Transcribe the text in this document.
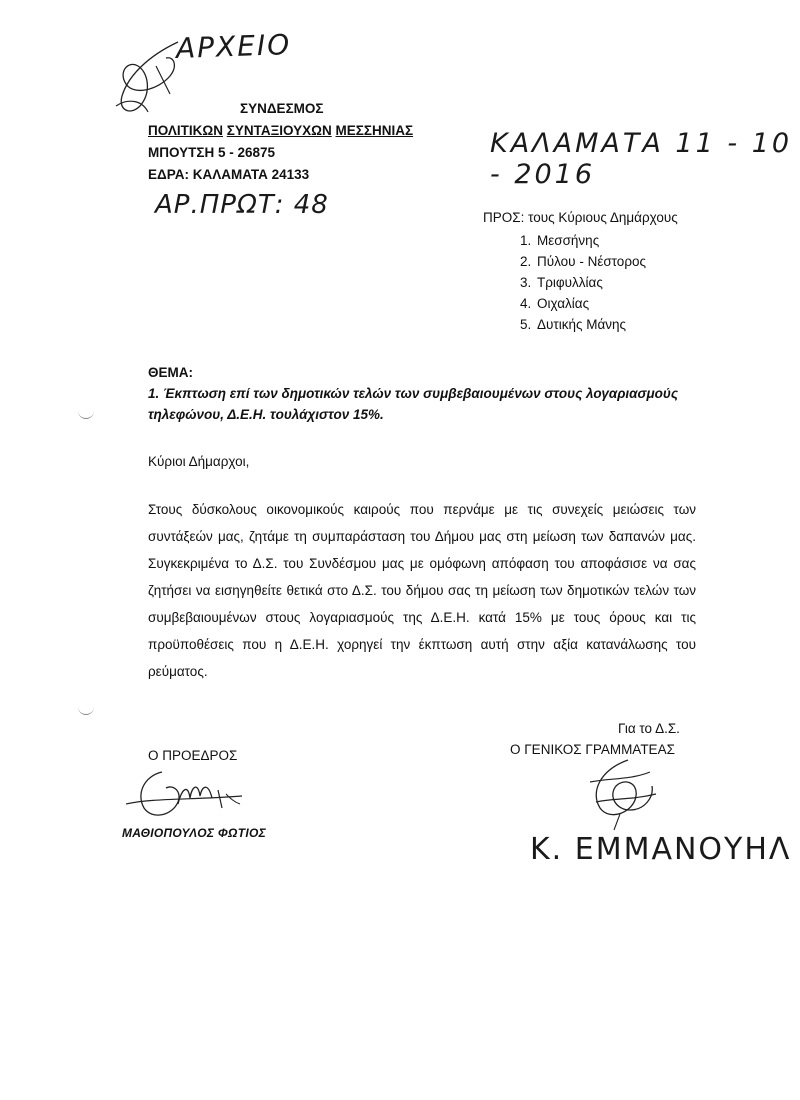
ΑΡΧΕΙΟ
ΣΥΝΔΕΣΜΟΣ
ΠΟΛΙΤΙΚΩΝ ΣΥΝΤΑΞΙΟΥΧΩΝ ΜΕΣΣΗΝΙΑΣ
ΜΠΟΥΤΣΗ 5 - 26875
ΕΔΡΑ: ΚΑΛΑΜΑΤΑ 24133
ΚΑΛΑΜΑΤΑ 11 - 10 - 2016
ΑΡ.ΠΡΩΤ: 48	ΠΡΟΣ: τους Κύριους Δημάρχους
1. Μεσσήνης
2. Πύλου - Νέστορος
3. Τριφυλλίας
4. Οιχαλίας
5. Δυτικής Μάνης
ΘΕΜΑ:
1. Έκπτωση επί των δημοτικών τελών των συμβεβαιουμένων στους λογαριασμούς τηλεφώνου, Δ.Ε.Η. τουλάχιστον 15%.
Κύριοι Δήμαρχοι,
Στους δύσκολους οικονομικούς καιρούς που περνάμε με τις συνεχείς μειώσεις των συντάξεών μας, ζητάμε τη συμπαράσταση του Δήμου μας στη μείωση των δαπανών μας. Συγκεκριμένα το Δ.Σ. του Συνδέσμου μας με ομόφωνη απόφαση του αποφάσισε να σας ζητήσει να εισηγηθείτε θετικά στο Δ.Σ. του δήμου σας τη μείωση των δημοτικών τελών των συμβεβαιουμένων στους λογαριασμούς της Δ.Ε.Η. κατά 15% με τους όρους και τις προϋποθέσεις που η Δ.Ε.Η. χορηγεί την έκπτωση αυτή στην αξία κατανάλωσης του ρεύματος.
Για το Δ.Σ.
Ο ΓΕΝΙΚΟΣ ΓΡΑΜΜΑΤΕΑΣ
Ο ΠΡΟΕΔΡΟΣ
ΜΑΘΙΟΠΟΥΛΟΣ ΦΩΤΙΟΣ	Κ. ΕΜΜΑΝΟΥΗΛ
